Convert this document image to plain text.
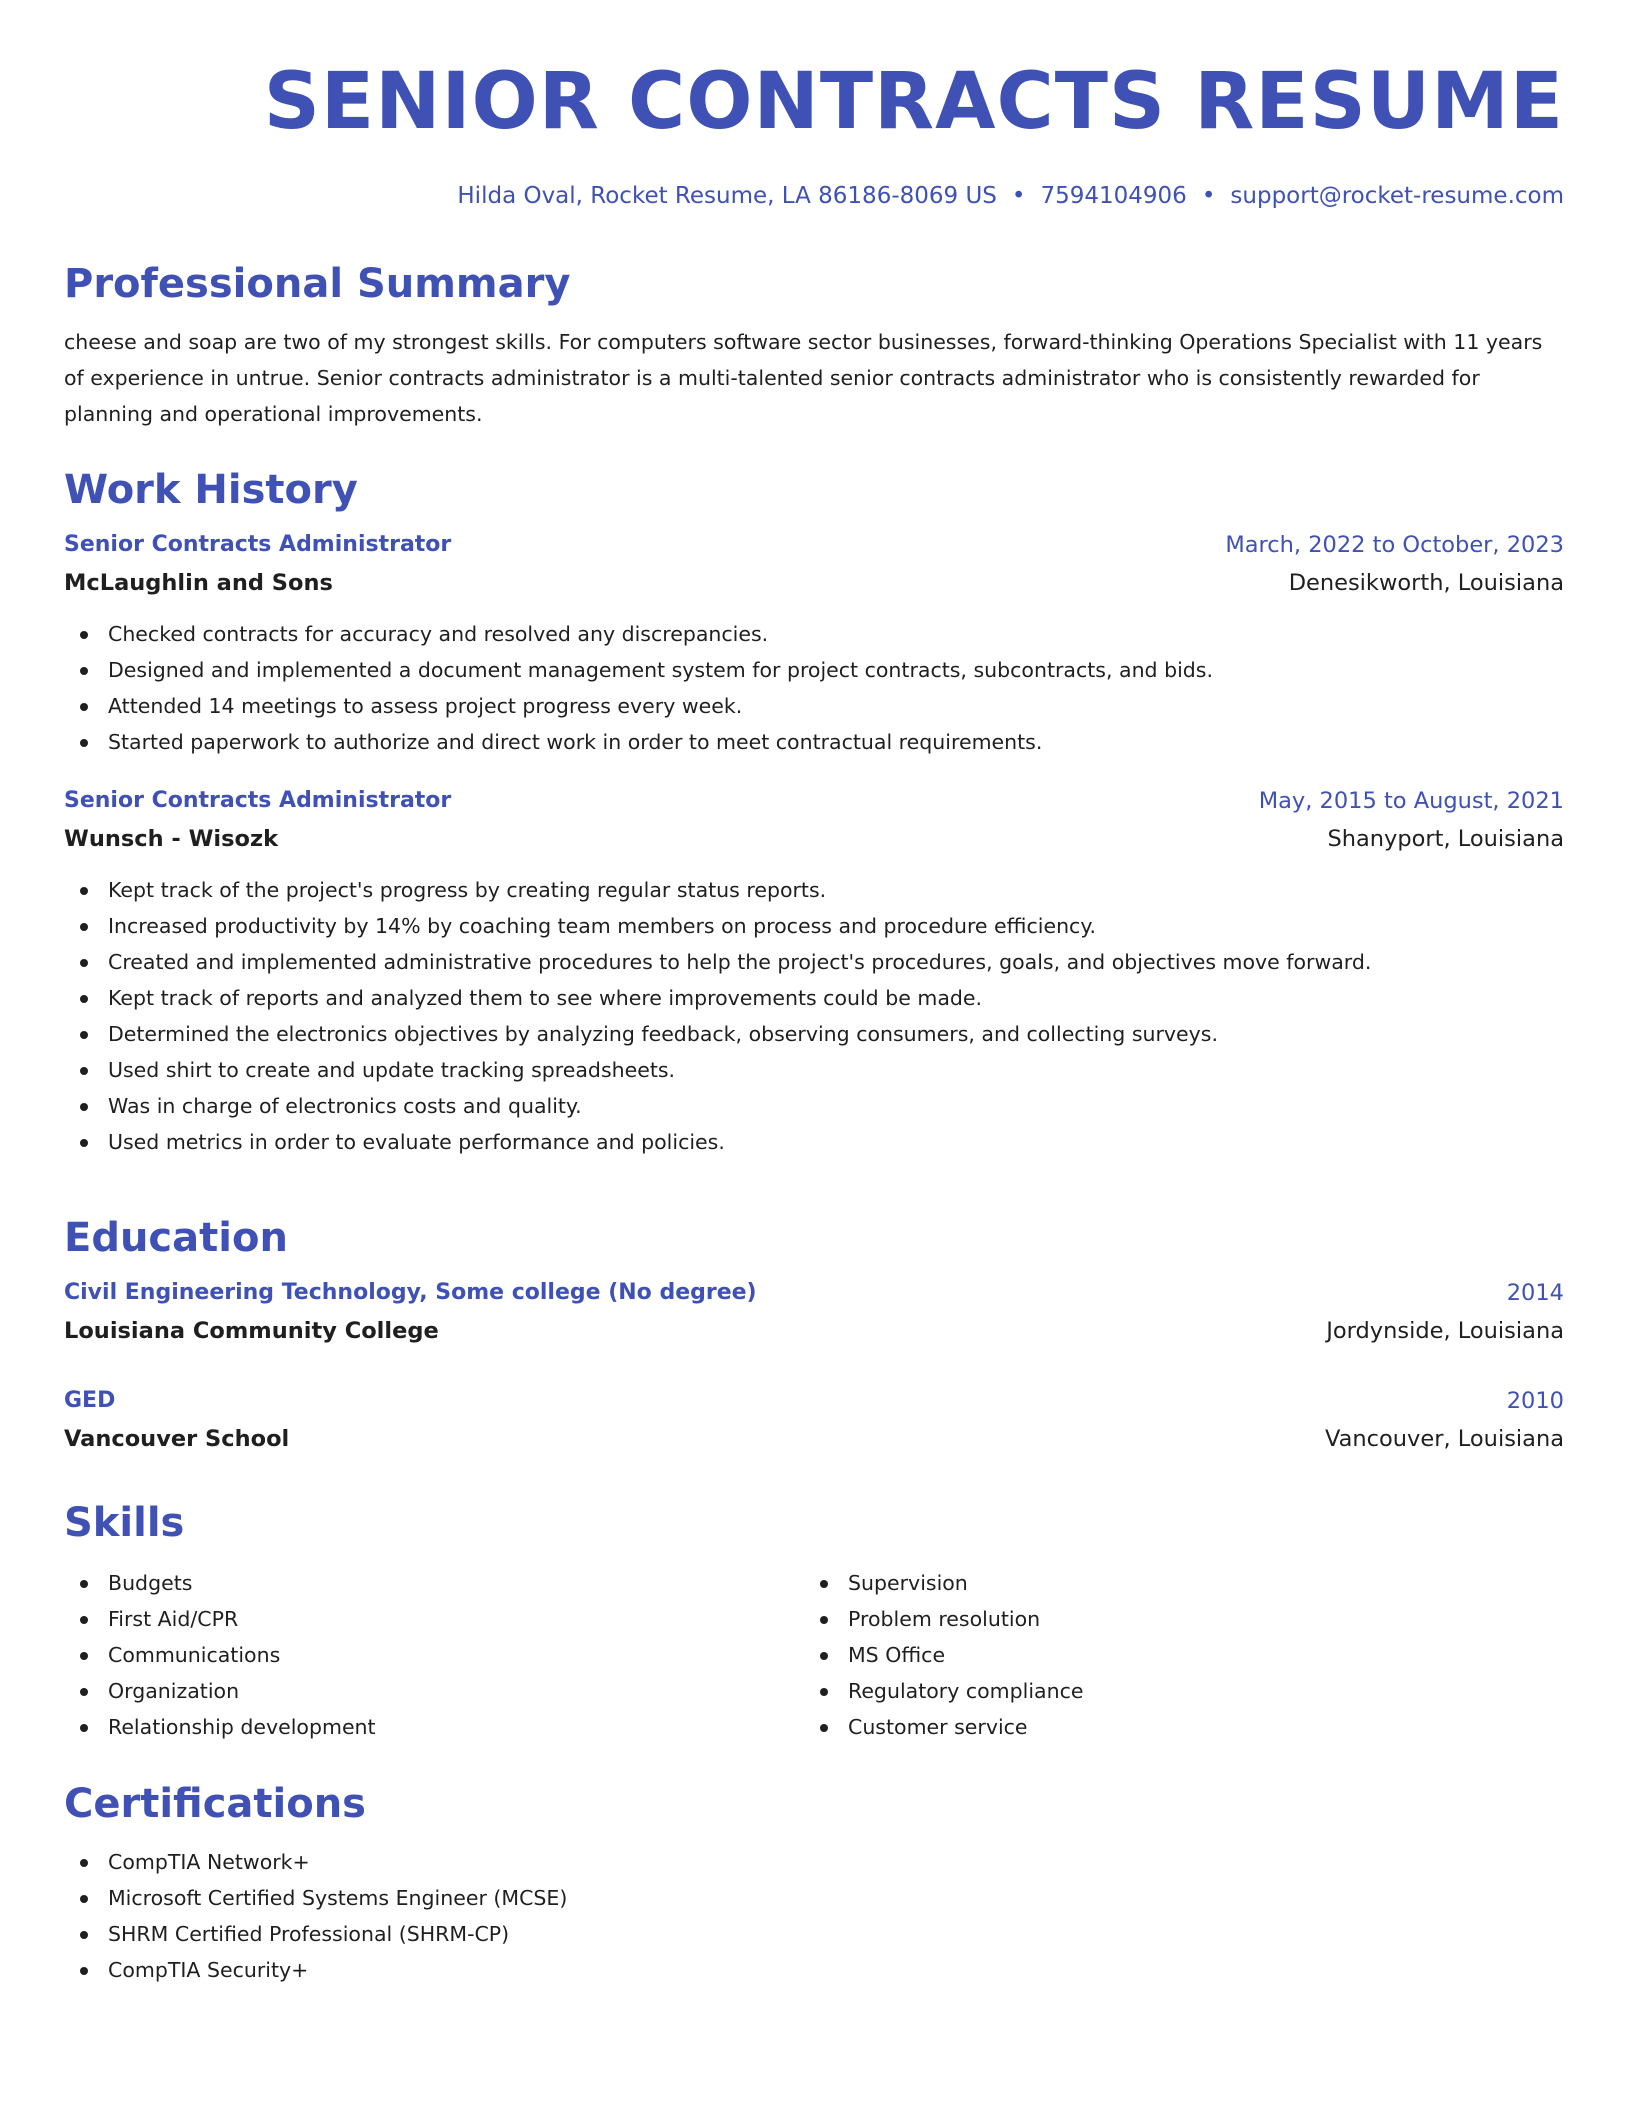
SENIOR CONTRACTS RESUME
Hilda Oval, Rocket Resume, LA 86186-8069 US • 7594104906 • support@rocket-resume.com
Professional Summary

cheese and soap are two of my strongest skills. For computers software sector businesses, forward-thinking Operations Specialist with 11 years of experience in untrue. Senior contracts administrator is a multi-talented senior contracts administrator who is consistently rewarded for planning and operational improvements.

Work History
Senior Contracts Administrator	March, 2022 to October, 2023
McLaughlin and Sons	Denesikworth, Louisiana
Checked contracts for accuracy and resolved any discrepancies.
Designed and implemented a document management system for project contracts, subcontracts, and bids.
Attended 14 meetings to assess project progress every week.
Started paperwork to authorize and direct work in order to meet contractual requirements.
Senior Contracts Administrator	May, 2015 to August, 2021
Wunsch - Wisozk	Shanyport, Louisiana
Kept track of the project's progress by creating regular status reports.
Increased productivity by 14% by coaching team members on process and procedure efficiency.
Created and implemented administrative procedures to help the project's procedures, goals, and objectives move forward.
Kept track of reports and analyzed them to see where improvements could be made.
Determined the electronics objectives by analyzing feedback, observing consumers, and collecting surveys.
Used shirt to create and update tracking spreadsheets.
Was in charge of electronics costs and quality.
Used metrics in order to evaluate performance and policies.
Education
Civil Engineering Technology, Some college (No degree)	2014
Louisiana Community College	Jordynside, Louisiana
GED	2010
Vancouver School	Vancouver, Louisiana
Skills
Budgets
First Aid/CPR
Communications
Organization
Relationship development
Supervision
Problem resolution
MS Office
Regulatory compliance
Customer service
Certifications
CompTIA Network+
Microsoft Certified Systems Engineer (MCSE)
SHRM Certified Professional (SHRM-CP)
CompTIA Security+
